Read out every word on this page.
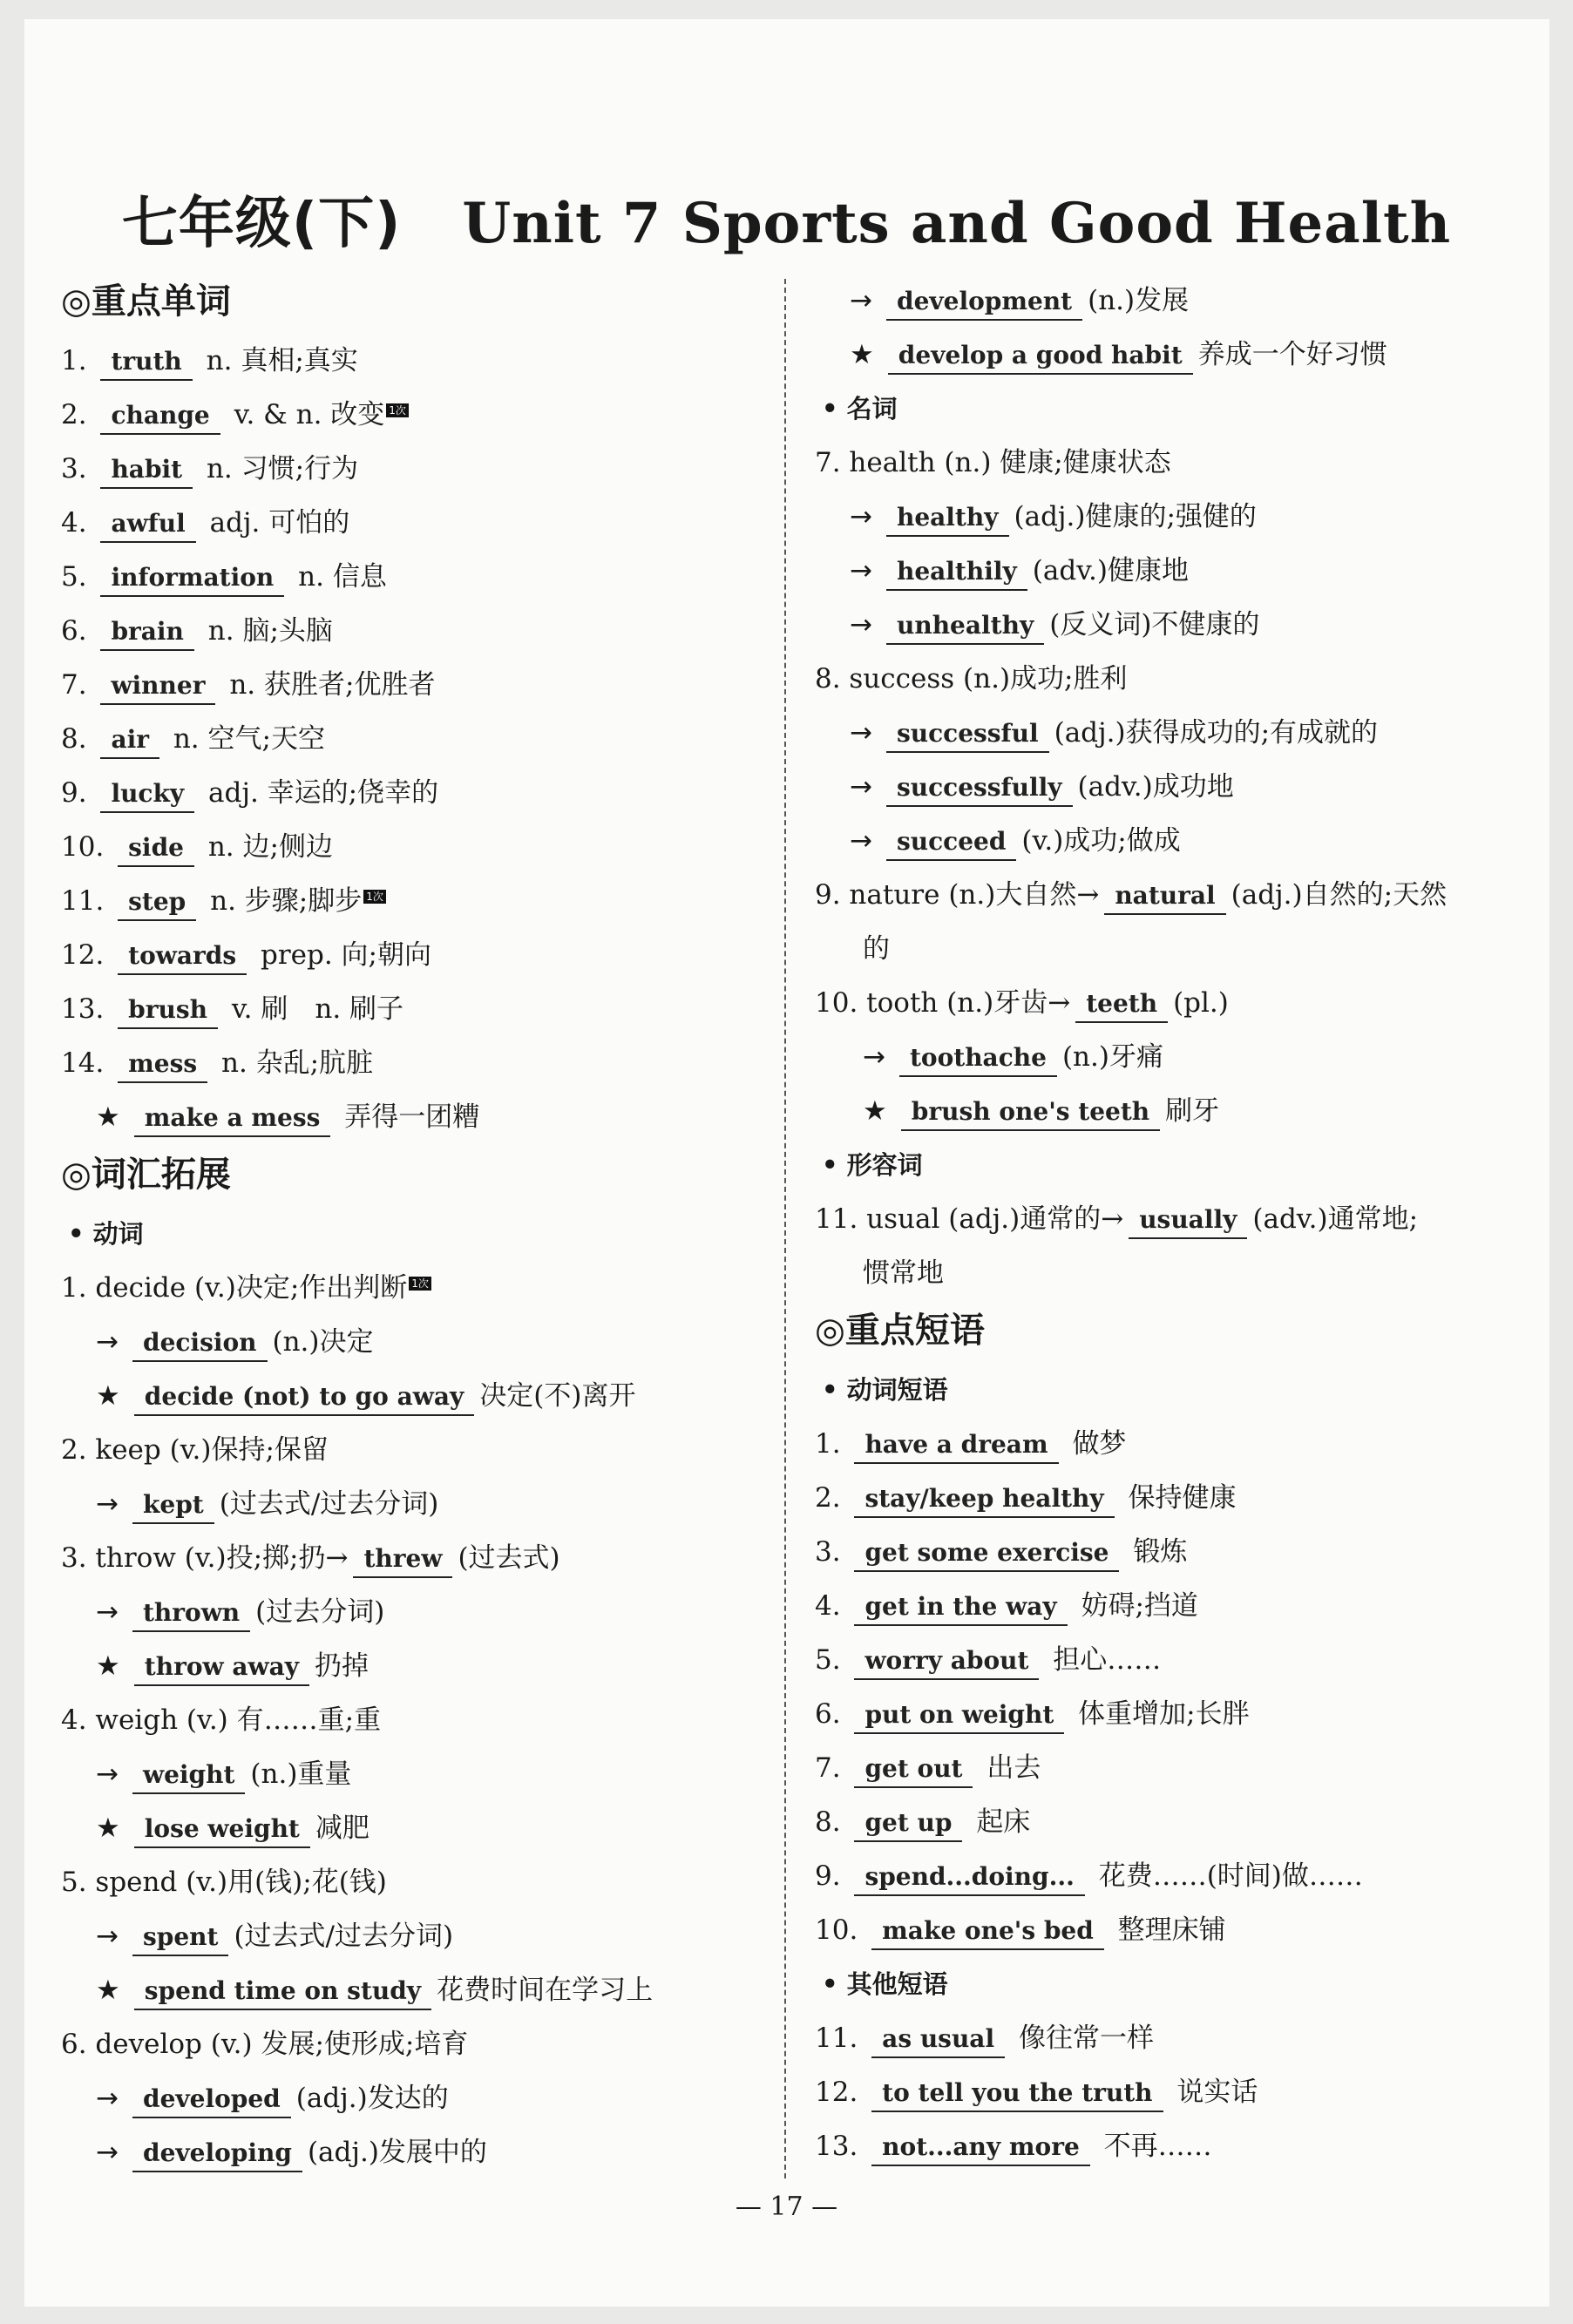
七年级(下) Unit 7 Sports and Good Health
◎重点单词
1. truth n. 真相;真实
2. change v. & n. 改变 1次
3. habit n. 习惯;行为
4. awful adj. 可怕的
5. information n. 信息
6. brain n. 脑;头脑
7. winner n. 获胜者;优胜者
8. air n. 空气;天空
9. lucky adj. 幸运的;侥幸的
10. side n. 边;侧边
11. step n. 步骤;脚步 1次
12. towards prep. 向;朝向
13. brush v. 刷　n. 刷子
14. mess n. 杂乱;肮脏
★ make a mess 弄得一团糟
◎词汇拓展
• 动词
1. decide (v.)决定;作出判断 1次
→ decision (n.)决定
★ decide (not) to go away 决定(不)离开
2. keep (v.)保持;保留
→ kept (过去式/过去分词)
3. throw (v.)投;掷;扔→ threw (过去式)
→ thrown (过去分词)
★ throw away 扔掉
4. weigh (v.) 有……重;重
→ weight (n.)重量
★ lose weight 减肥
5. spend (v.)用(钱);花(钱)
→ spent (过去式/过去分词)
★ spend time on study 花费时间在学习上
6. develop (v.) 发展;使形成;培育
→ developed (adj.)发达的
→ developing (adj.)发展中的
→ development (n.)发展
★ develop a good habit 养成一个好习惯
• 名词
7. health (n.) 健康;健康状态
→ healthy (adj.)健康的;强健的
→ healthily (adv.)健康地
→ unhealthy (反义词)不健康的
8. success (n.)成功;胜利
→ successful (adj.)获得成功的;有成就的
→ successfully (adv.)成功地
→ succeed (v.)成功;做成
9. nature (n.)大自然→ natural (adj.)自然的;天然
的
10. tooth (n.)牙齿→ teeth (pl.)
→ toothache (n.)牙痛
★ brush one's teeth 刷牙
• 形容词
11. usual (adj.)通常的→ usually (adv.)通常地;
惯常地
◎重点短语
• 动词短语
1. have a dream 做梦
2. stay/keep healthy 保持健康
3. get some exercise 锻炼
4. get in the way 妨碍;挡道
5. worry about 担心……
6. put on weight 体重增加;长胖
7. get out 出去
8. get up 起床
9. spend...doing... 花费……(时间)做……
10. make one's bed 整理床铺
• 其他短语
11. as usual 像往常一样
12. to tell you the truth 说实话
13. not...any more 不再……
— 17 —
